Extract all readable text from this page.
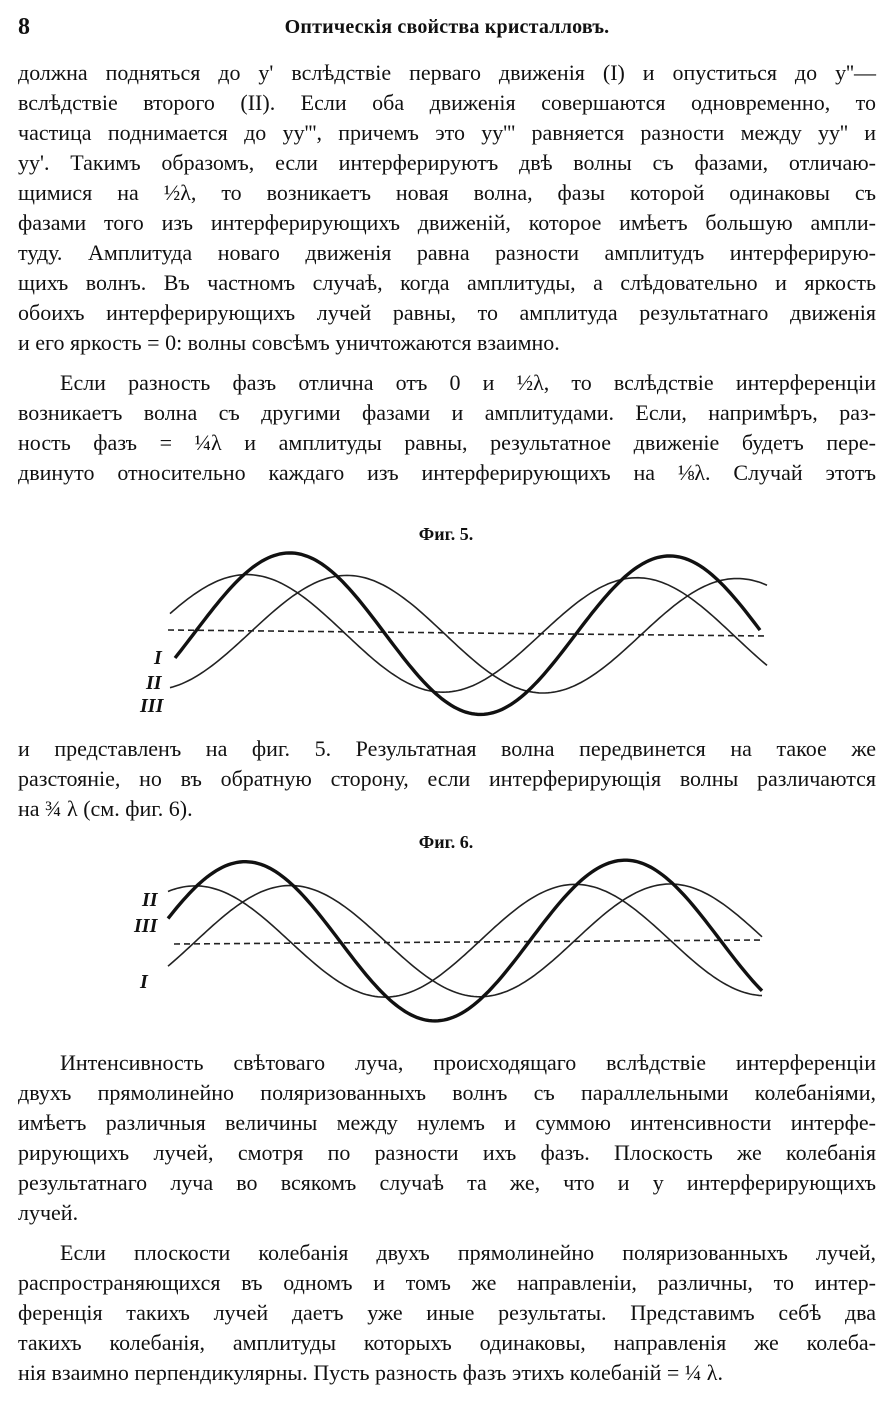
8	Оптическія свойства кристалловъ.
должна подняться до y' вслѣдствіе перваго движенія (I) и опуститься до y''—
вслѣдствіе второго (II). Если оба движенія совершаются одновременно, то
частица поднимается до yy''', причемъ это yy''' равняется разности между yy'' и
yy'. Такимъ образомъ, если интерферируютъ двѣ волны съ фазами, отличаю-
щимися на ½λ, то возникаетъ новая волна, фазы которой одинаковы съ
фазами того изъ интерферирующихъ движеній, которое имѣетъ большую ампли-
туду. Амплитуда новаго движенія равна разности амплитудъ интерферирую-
щихъ волнъ. Въ частномъ случаѣ, когда амплитуды, а слѣдовательно и яркость
обоихъ интерферирующихъ лучей равны, то амплитуда результатнаго движенія
и его яркость = 0: волны совсѣмъ уничтожаются взаимно.
Если разность фазъ отлична отъ 0 и ½λ, то вслѣдствіе интерференціи
возникаетъ волна съ другими фазами и амплитудами. Если, напримѣръ, раз-
ность фазъ = ¼λ и амплитуды равны, результатное движеніе будетъ пере-
двинуто относительно каждаго изъ интерферирующихъ на ⅛λ. Случай этотъ
Фиг. 5.
I
II
III
и представленъ на фиг. 5. Результатная волна передвинется на такое же
разстояніе, но въ обратную сторону, если интерферирующія волны различаются
на ¾ λ (см. фиг. 6).
Фиг. 6.
II
III
I
Интенсивность свѣтоваго луча, происходящаго вслѣдствіе интерференціи
двухъ прямолинейно поляризованныхъ волнъ съ параллельными колебаніями,
имѣетъ различныя величины между нулемъ и суммою интенсивности интерфе-
рирующихъ лучей, смотря по разности ихъ фазъ. Плоскость же колебанія
результатнаго луча во всякомъ случаѣ та же, что и у интерферирующихъ
лучей.
Если плоскости колебанія двухъ прямолинейно поляризованныхъ лучей,
распространяющихся въ одномъ и томъ же направленіи, различны, то интер-
ференція такихъ лучей даетъ уже иные результаты. Представимъ себѣ два
такихъ колебанія, амплитуды которыхъ одинаковы, направленія же колеба-
нія взаимно перпендикулярны. Пусть разность фазъ этихъ колебаній = ¼ λ.
